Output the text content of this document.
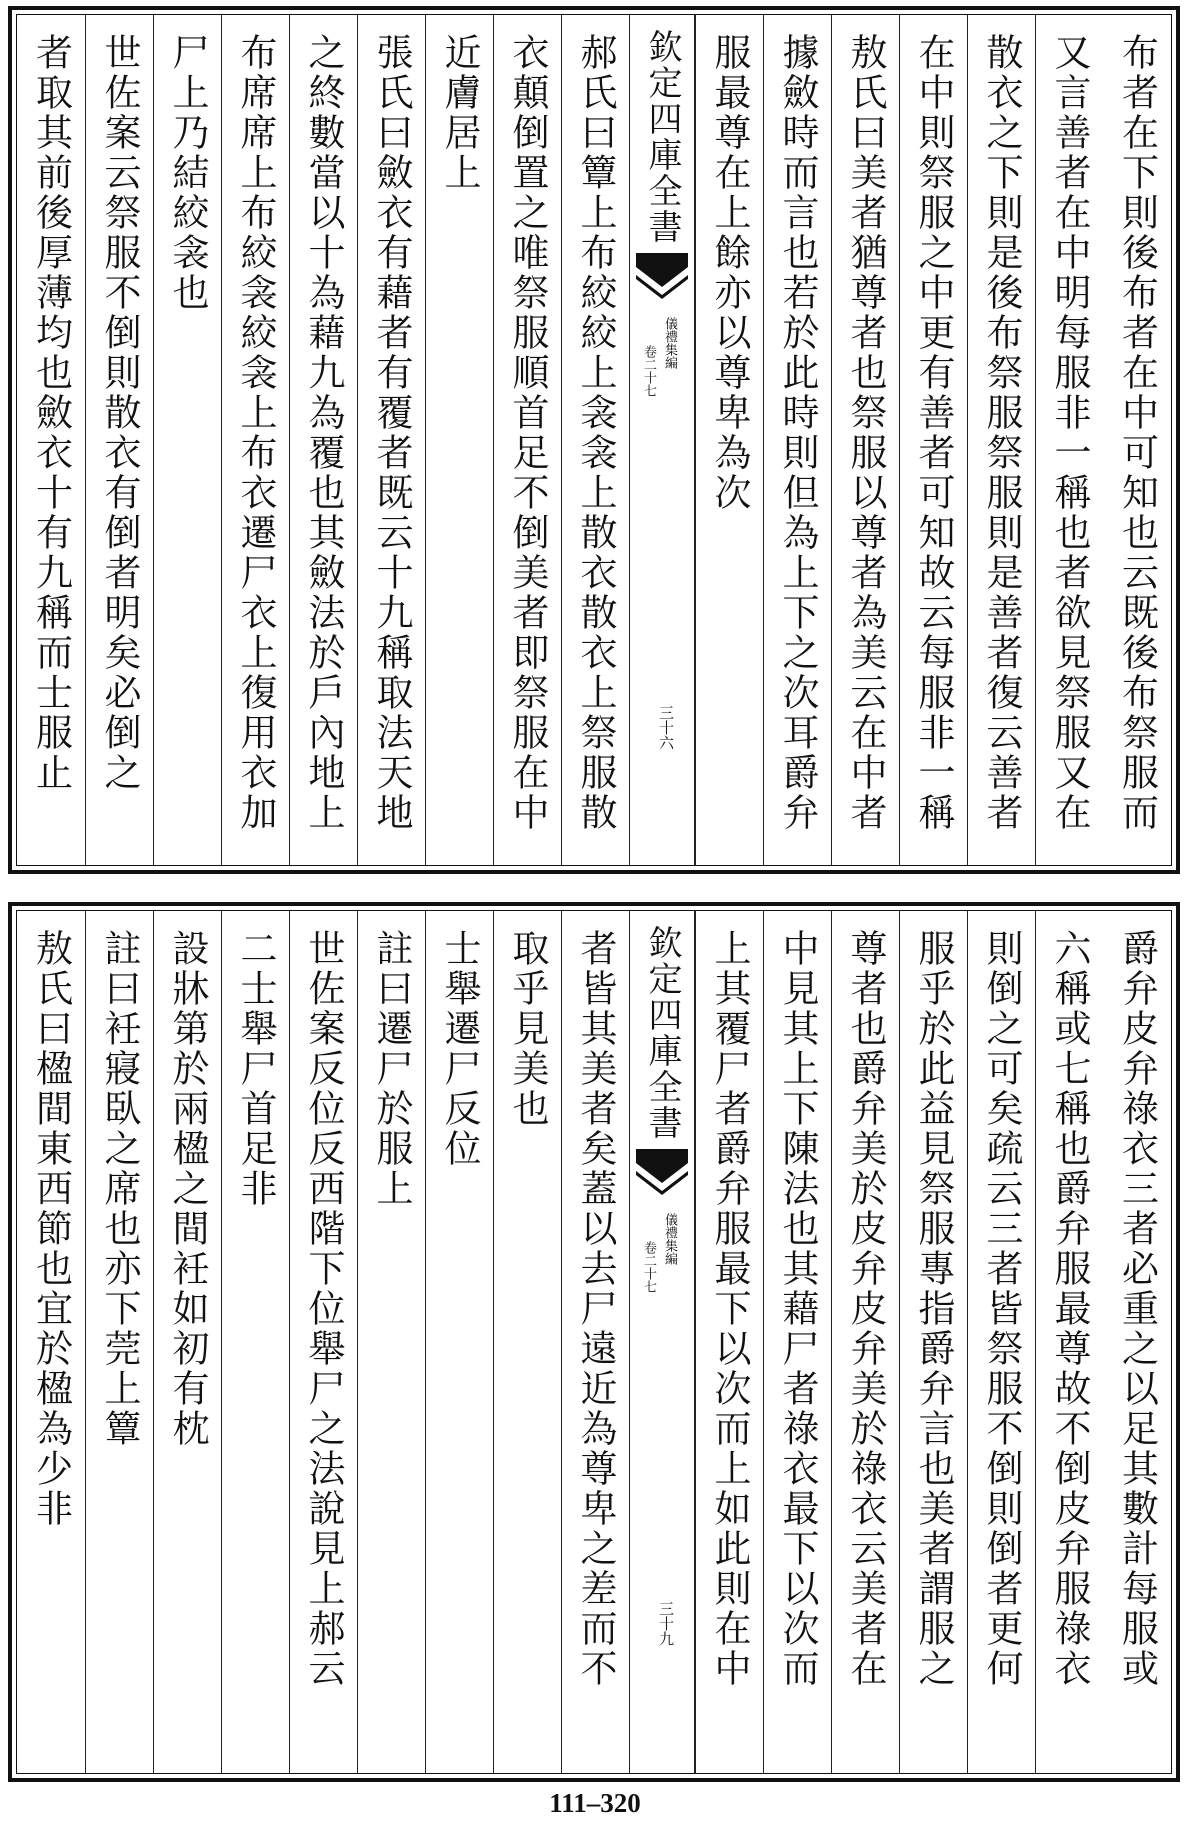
布者在下則後布者在中可知也云既後布祭服而
又言善者在中明每服非一稱也者欲見祭服又在
散衣之下則是後布祭服祭服則是善者復云善者
在中則祭服之中更有善者可知故云每服非一稱
敖氏曰美者猶尊者也祭服以尊者為美云在中者
據斂時而言也若於此時則但為上下之次耳爵弁
服最尊在上餘亦以尊卑為次
欽定四庫全書
儀禮集編
卷二十七
三十六
郝氏曰簟上布絞絞上衾衾上散衣散衣上祭服散
衣顛倒置之唯祭服順首足不倒美者即祭服在中
近膚居上
張氏曰斂衣有藉者有覆者既云十九稱取法天地
之終數當以十為藉九為覆也其斂法於戶內地上
布席席上布絞衾絞衾上布衣遷尸衣上復用衣加
尸上乃結絞衾也
世佐案云祭服不倒則散衣有倒者明矣必倒之
者取其前後厚薄均也斂衣十有九稱而士服止
爵弁皮弁祿衣三者必重之以足其數計每服或
六稱或七稱也爵弁服最尊故不倒皮弁服祿衣
則倒之可矣疏云三者皆祭服不倒則倒者更何
服乎於此益見祭服專指爵弁言也美者謂服之
尊者也爵弁美於皮弁皮弁美於祿衣云美者在
中見其上下陳法也其藉尸者祿衣最下以次而
上其覆尸者爵弁服最下以次而上如此則在中
欽定四庫全書
儀禮集編
卷二十七
三十九
者皆其美者矣蓋以去尸遠近為尊卑之差而不
取乎見美也
士舉遷尸反位
註曰遷尸於服上
世佐案反位反西階下位舉尸之法說見上郝云
二士舉尸首足非
設牀第於兩楹之間衽如初有枕
註曰衽寢臥之席也亦下莞上簟
敖氏曰楹間東西節也宜於楹為少非
111–320
